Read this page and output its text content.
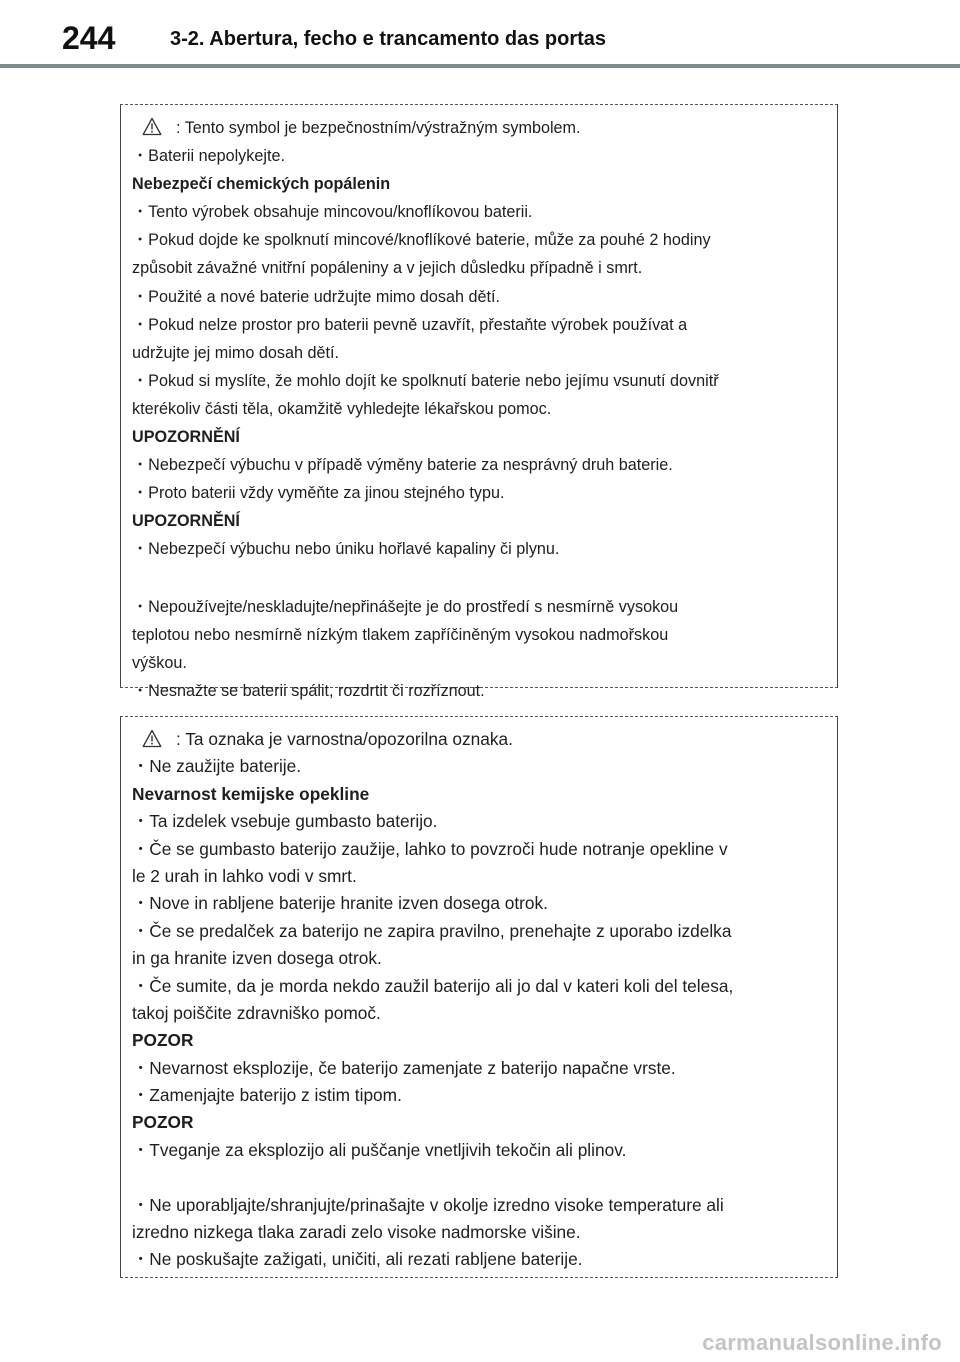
244	3-2. Abertura, fecho e trancamento das portas
: Tento symbol je bezpečnostním/výstražným symbolem.
・Baterii nepolykejte.
Nebezpečí chemických popálenin
・Tento výrobek obsahuje mincovou/knoflíkovou baterii.
・Pokud dojde ke spolknutí mincové/knoflíkové baterie, může za pouhé 2 hodiny
způsobit závažné vnitřní popáleniny a v jejich důsledku případně i smrt.
・Použité a nové baterie udržujte mimo dosah dětí.
・Pokud nelze prostor pro baterii pevně uzavřít, přestaňte výrobek používat a
udržujte jej mimo dosah dětí.
・Pokud si myslíte, že mohlo dojít ke spolknutí baterie nebo jejímu vsunutí dovnitř
kterékoliv části těla, okamžitě vyhledejte lékařskou pomoc.
UPOZORNĚNÍ
・Nebezpečí výbuchu v případě výměny baterie za nesprávný druh baterie.
・Proto baterii vždy vyměňte za jinou stejného typu.
UPOZORNĚNÍ
・Nebezpečí výbuchu nebo úniku hořlavé kapaliny či plynu.
・Nepoužívejte/neskladujte/nepřinášejte je do prostředí s nesmírně vysokou
teplotou nebo nesmírně nízkým tlakem zapříčiněným vysokou nadmořskou
výškou.
・Nesnažte se baterii spálit, rozdrtit či rozříznout.
: Ta oznaka je varnostna/opozorilna oznaka.
・Ne zaužijte baterije.
Nevarnost kemijske opekline
・Ta izdelek vsebuje gumbasto baterijo.
・Če se gumbasto baterijo zaužije, lahko to povzroči hude notranje opekline v
le 2 urah in lahko vodi v smrt.
・Nove in rabljene baterije hranite izven dosega otrok.
・Če se predalček za baterijo ne zapira pravilno, prenehajte z uporabo izdelka
in ga hranite izven dosega otrok.
・Če sumite, da je morda nekdo zaužil baterijo ali jo dal v kateri koli del telesa,
takoj poiščite zdravniško pomoč.
POZOR
・Nevarnost eksplozije, če baterijo zamenjate z baterijo napačne vrste.
・Zamenjajte baterijo z istim tipom.
POZOR
・Tveganje za eksplozijo ali puščanje vnetljivih tekočin ali plinov.
・Ne uporabljajte/shranjujte/prinašajte v okolje izredno visoke temperature ali
izredno nizkega tlaka zaradi zelo visoke nadmorske višine.
・Ne poskušajte zažigati, uničiti, ali rezati rabljene baterije.
carmanualsonline.info
